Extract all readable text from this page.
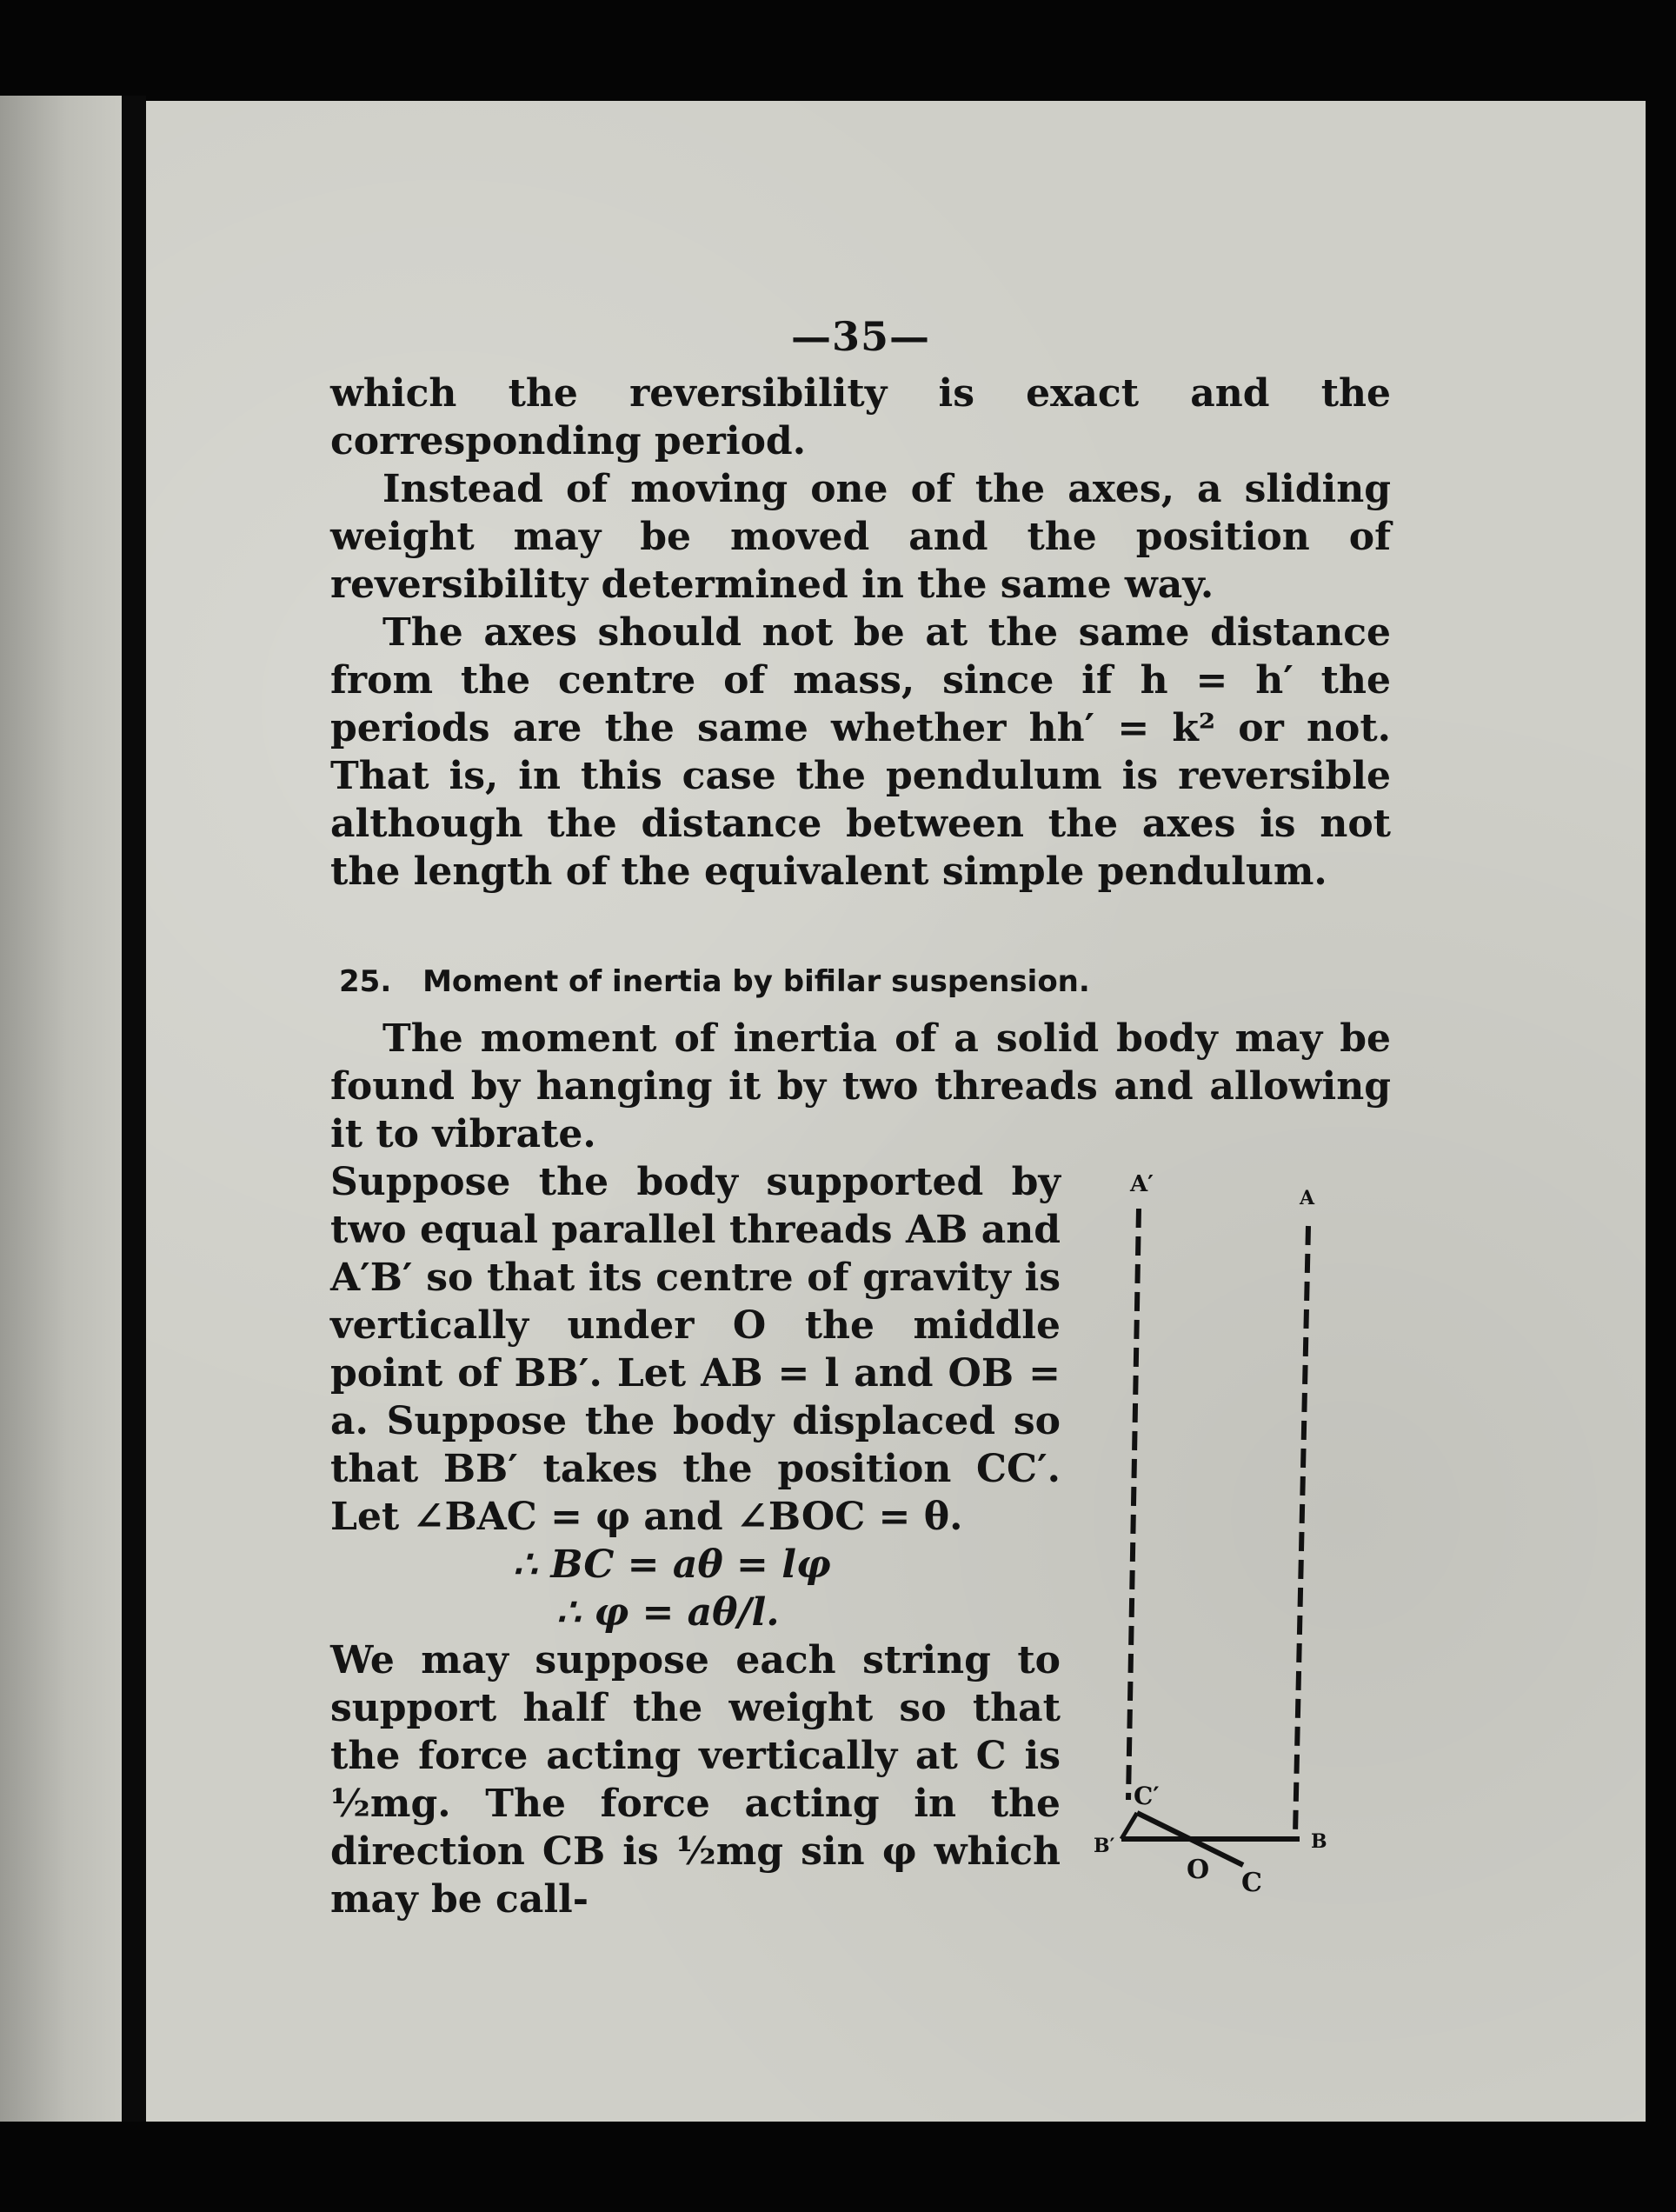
—35—

which the reversibility is exact and the corresponding period.

Instead of moving one of the axes, a sliding weight may be moved and the position of reversibility determined in the same way.

The axes should not be at the same distance from the centre of mass, since if h = h′ the periods are the same whether hh′ = k² or not. That is, in this case the pendulum is reversible although the distance between the axes is not the length of the equivalent simple pendulum.

25. Moment of inertia by bifilar suspension.

The moment of inertia of a solid body may be found by hanging it by two threads and allowing it to vibrate.

Suppose the body supported by two equal parallel threads AB and A′B′ so that its centre of gravity is vertically under O the middle point of BB′. Let AB = l and OB = a. Suppose the body displaced so that BB′ takes the position CC′. Let ∠BAC = φ and ∠BOC = θ.

∴ BC = aθ = lφ

∴ φ = aθ/l.

We may suppose each string to support half the weight so that the force acting vertically at C is ½mg. The force acting in the direction CB is ½mg sin φ which may be call-

A′
A
C′
B′
O
B
C
